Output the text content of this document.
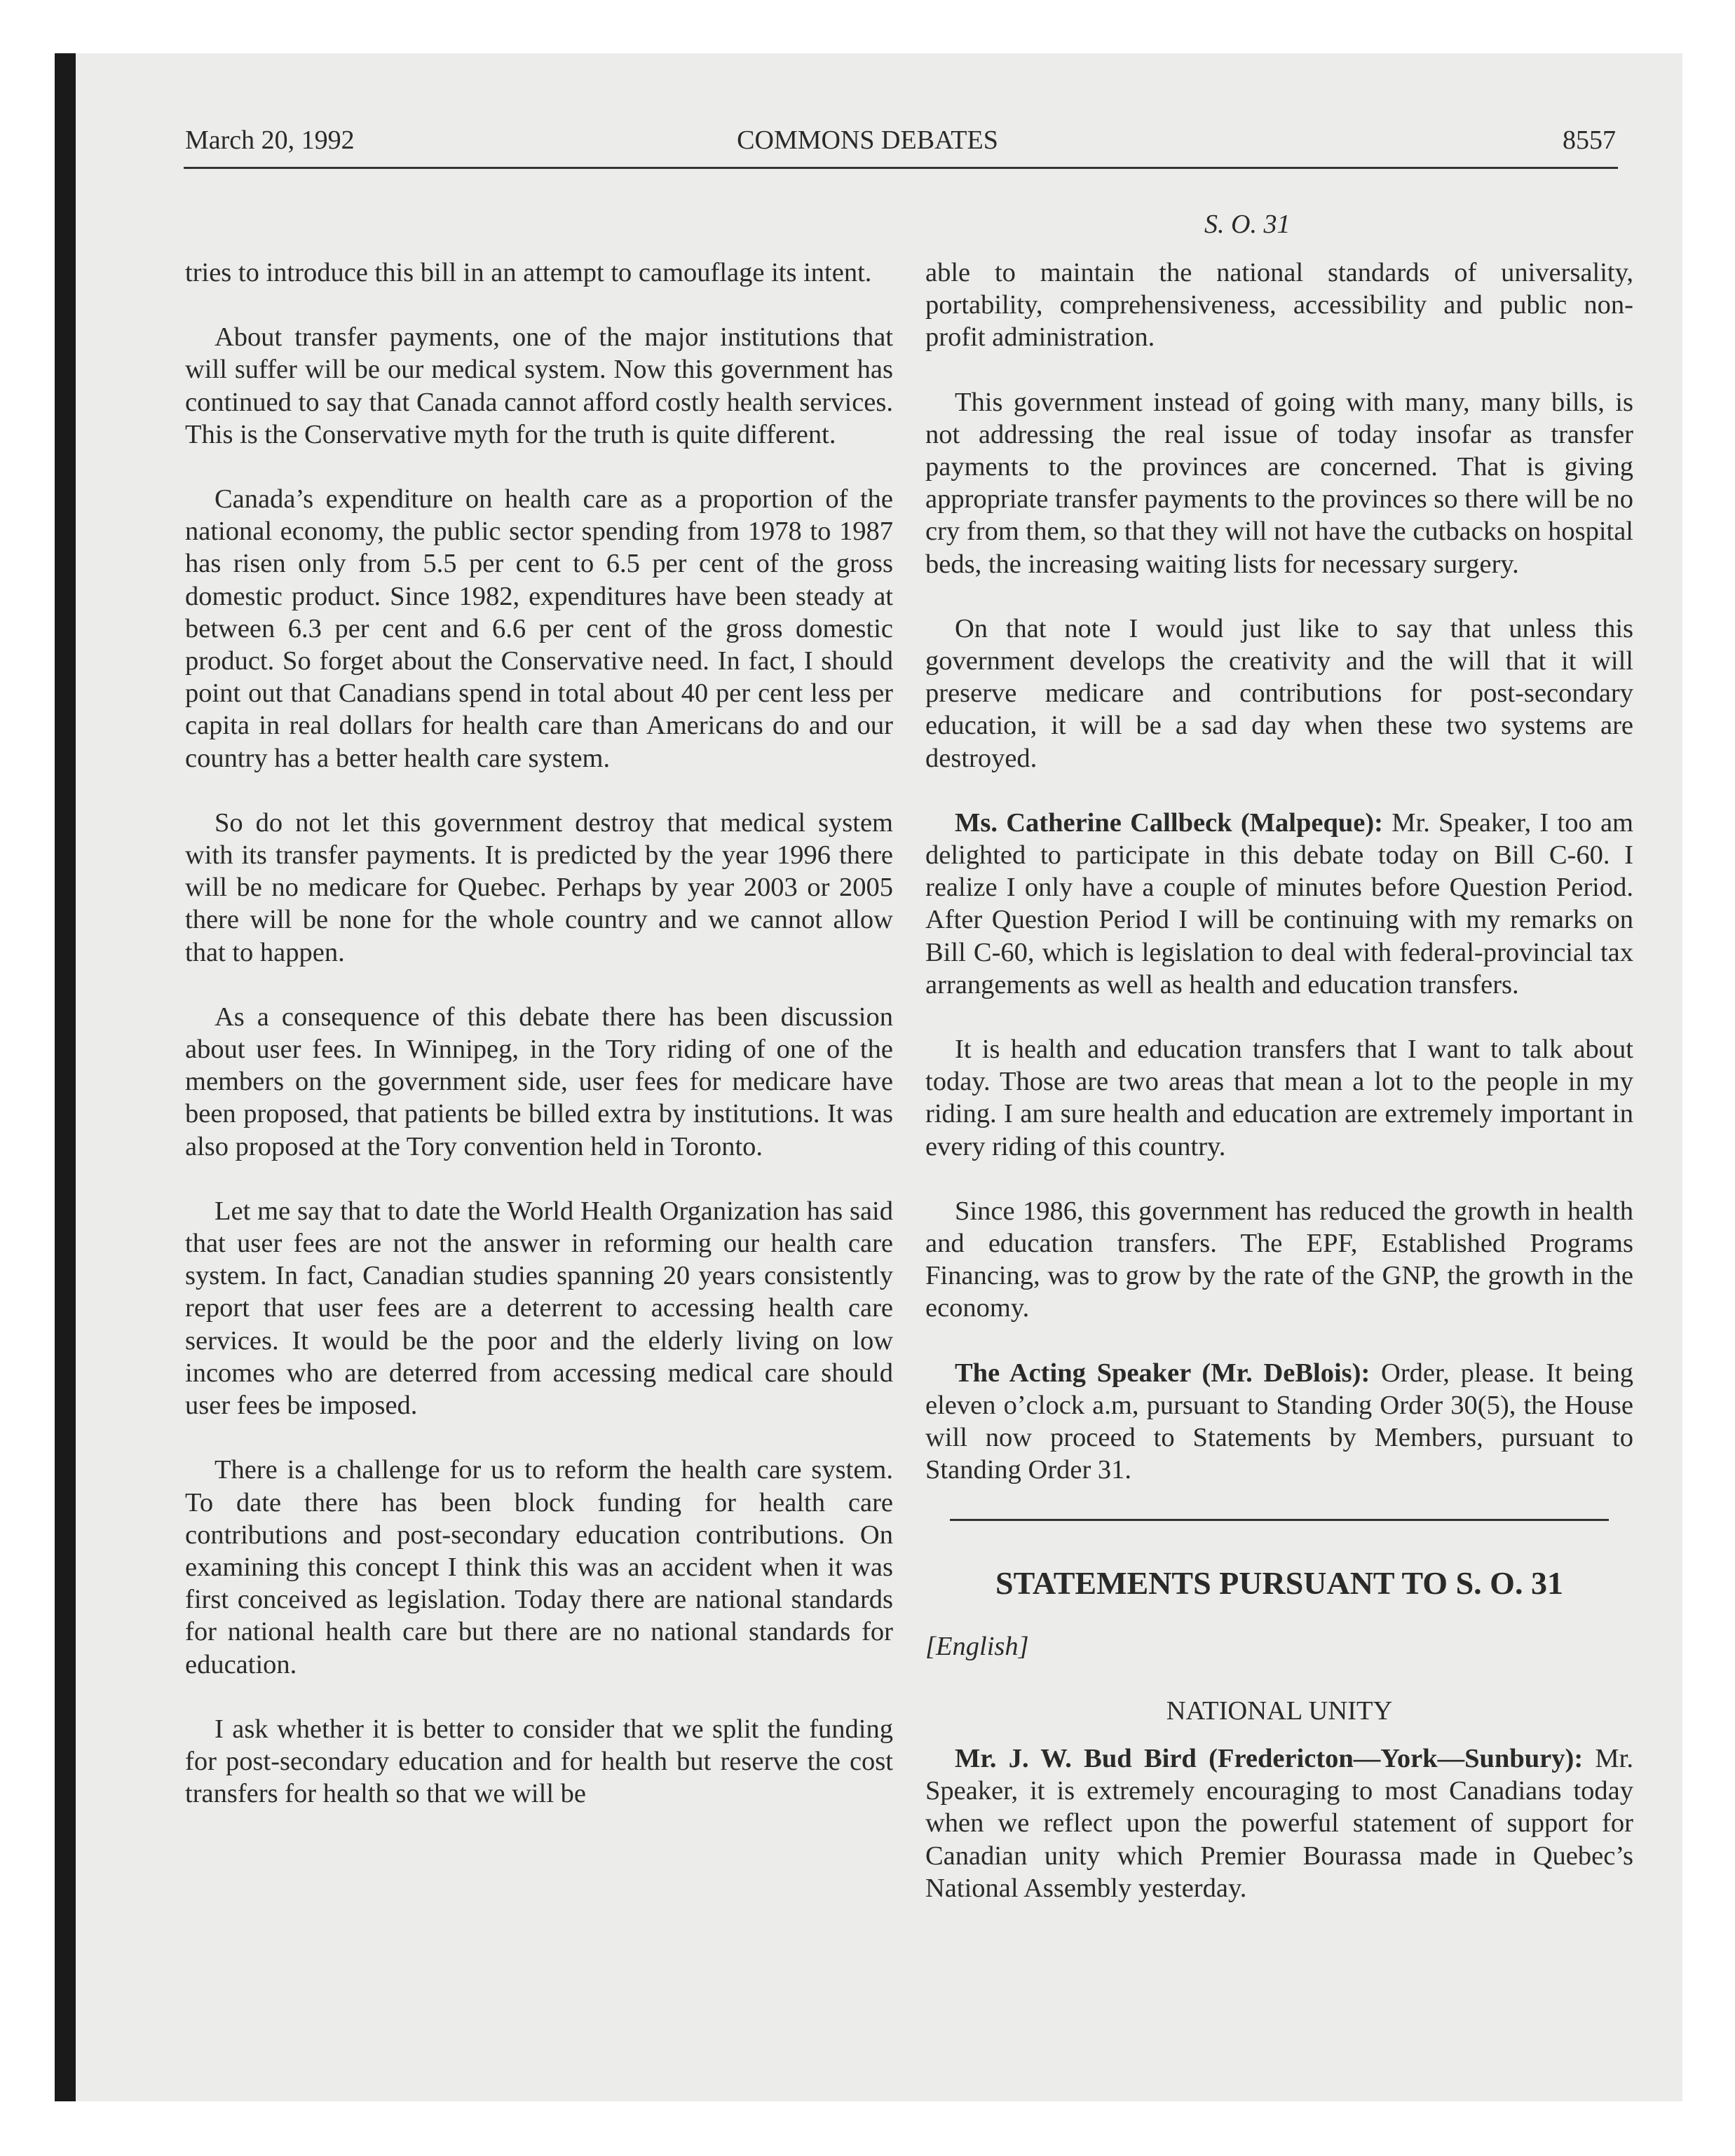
March 20, 1992	COMMONS DEBATES	8557
S. O. 31

tries to introduce this bill in an attempt to camouflage its intent.

About transfer payments, one of the major institutions that will suffer will be our medical system. Now this government has continued to say that Canada cannot afford costly health services. This is the Conservative myth for the truth is quite different.

Canada’s expenditure on health care as a proportion of the national economy, the public sector spending from 1978 to 1987 has risen only from 5.5 per cent to 6.5 per cent of the gross domestic product. Since 1982, expenditures have been steady at between 6.3 per cent and 6.6 per cent of the gross domestic product. So forget about the Conservative need. In fact, I should point out that Canadians spend in total about 40 per cent less per capita in real dollars for health care than Americans do and our country has a better health care system.

So do not let this government destroy that medical system with its transfer payments. It is predicted by the year 1996 there will be no medicare for Quebec. Perhaps by year 2003 or 2005 there will be none for the whole country and we cannot allow that to happen.

As a consequence of this debate there has been discussion about user fees. In Winnipeg, in the Tory riding of one of the members on the government side, user fees for medicare have been proposed, that patients be billed extra by institutions. It was also proposed at the Tory convention held in Toronto.

Let me say that to date the World Health Organization has said that user fees are not the answer in reforming our health care system. In fact, Canadian studies spanning 20 years consistently report that user fees are a deterrent to accessing health care services. It would be the poor and the elderly living on low incomes who are deterred from accessing medical care should user fees be imposed.

There is a challenge for us to reform the health care system. To date there has been block funding for health care contributions and post-secondary education contributions. On examining this concept I think this was an accident when it was first conceived as legislation. Today there are national standards for national health care but there are no national standards for education.

I ask whether it is better to consider that we split the funding for post-secondary education and for health but reserve the cost transfers for health so that we will be

able to maintain the national standards of universality, portability, comprehensiveness, accessibility and public non-profit administration.

This government instead of going with many, many bills, is not addressing the real issue of today insofar as transfer payments to the provinces are concerned. That is giving appropriate transfer payments to the provinces so there will be no cry from them, so that they will not have the cutbacks on hospital beds, the increasing waiting lists for necessary surgery.

On that note I would just like to say that unless this government develops the creativity and the will that it will preserve medicare and contributions for post-secondary education, it will be a sad day when these two systems are destroyed.

Ms. Catherine Callbeck (Malpeque): Mr. Speaker, I too am delighted to participate in this debate today on Bill C-60. I realize I only have a couple of minutes before Question Period. After Question Period I will be continuing with my remarks on Bill C-60, which is legislation to deal with federal-provincial tax arrangements as well as health and education transfers.

It is health and education transfers that I want to talk about today. Those are two areas that mean a lot to the people in my riding. I am sure health and education are extremely important in every riding of this country.

Since 1986, this government has reduced the growth in health and education transfers. The EPF, Established Programs Financing, was to grow by the rate of the GNP, the growth in the economy.

The Acting Speaker (Mr. DeBlois): Order, please. It being eleven o’clock a.m, pursuant to Standing Order 30(5), the House will now proceed to Statements by Members, pursuant to Standing Order 31.

STATEMENTS PURSUANT TO S. O. 31
[English]
NATIONAL UNITY

Mr. J. W. Bud Bird (Fredericton—York—Sunbury): Mr. Speaker, it is extremely encouraging to most Canadians today when we reflect upon the powerful statement of support for Canadian unity which Premier Bourassa made in Quebec’s National Assembly yesterday.
